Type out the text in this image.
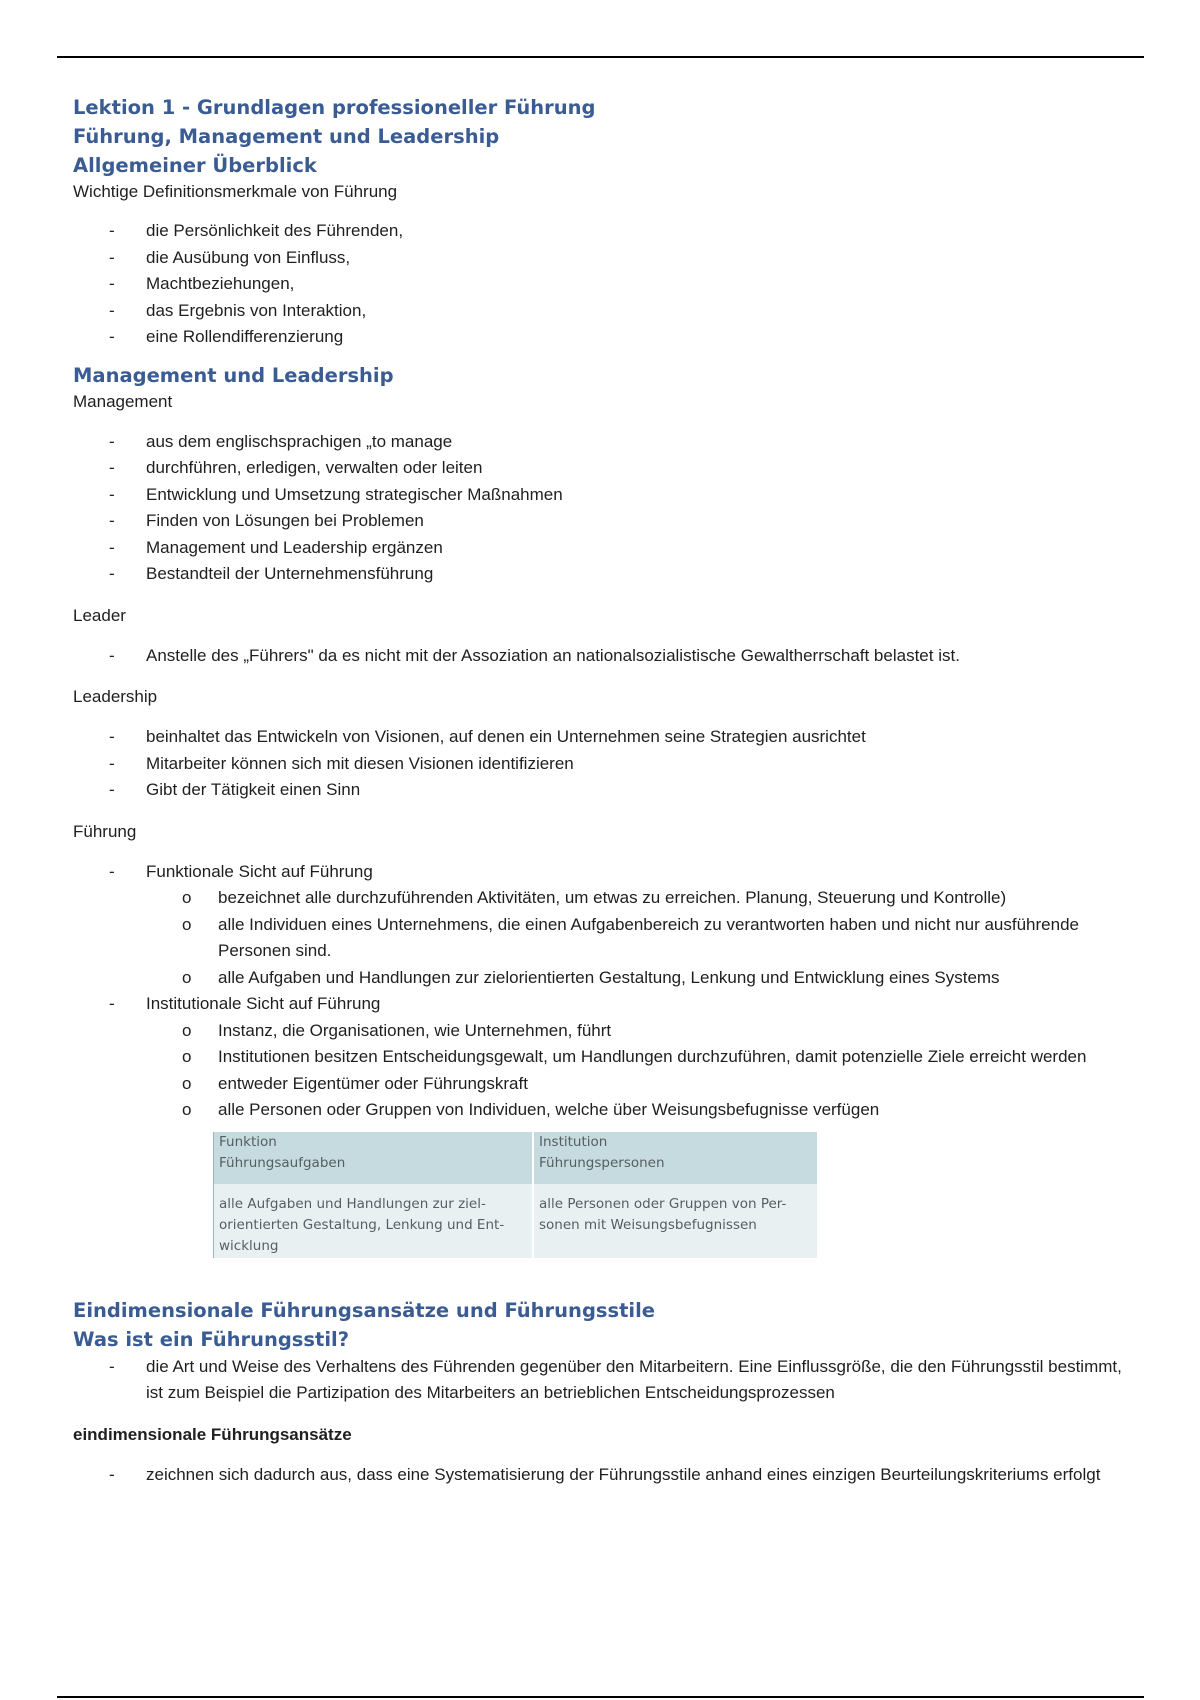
Lektion 1 - Grundlagen professioneller Führung
Führung, Management und Leadership
Allgemeiner Überblick

Wichtige Definitionsmerkmale von Führung

- die Persönlichkeit des Führenden,
- die Ausübung von Einfluss,
- Machtbeziehungen,
- das Ergebnis von Interaktion,
- eine Rollendifferenzierung
Management und Leadership

Management

- aus dem englischsprachigen „to manage
- durchführen, erledigen, verwalten oder leiten
- Entwicklung und Umsetzung strategischer Maßnahmen
- Finden von Lösungen bei Problemen
- Management und Leadership ergänzen
- Bestandteil der Unternehmensführung

Leader

- Anstelle des „Führers" da es nicht mit der Assoziation an nationalsozialistische Gewaltherrschaft belastet ist.

Leadership

- beinhaltet das Entwickeln von Visionen, auf denen ein Unternehmen seine Strategien ausrichtet
- Mitarbeiter können sich mit diesen Visionen identifizieren
- Gibt der Tätigkeit einen Sinn

Führung

- Funktionale Sicht auf Führung
o bezeichnet alle durchzuführenden Aktivitäten, um etwas zu erreichen. Planung, Steuerung und Kontrolle)
o alle Individuen eines Unternehmens, die einen Aufgabenbereich zu verantworten haben und nicht nur ausführende Personen sind.
o alle Aufgaben und Handlungen zur zielorientierten Gestaltung, Lenkung und Entwicklung eines Systems
- Institutionale Sicht auf Führung
o Instanz, die Organisationen, wie Unternehmen, führt
o Institutionen besitzen Entscheidungsgewalt, um Handlungen durchzuführen, damit potenzielle Ziele erreicht werden
o entweder Eigentümer oder Führungskraft
o alle Personen oder Gruppen von Individuen, welche über Weisungsbefugnisse verfügen
Funktion
Führungsaufgaben
Institution
Führungspersonen
alle Aufgaben und Handlungen zur ziel-orientierten Gestaltung, Lenkung und Ent-wicklung
alle Personen oder Gruppen von Per-sonen mit Weisungsbefugnissen
Eindimensionale Führungsansätze und Führungsstile
Was ist ein Führungsstil?
- die Art und Weise des Verhaltens des Führenden gegenüber den Mitarbeitern. Eine Einflussgröße, die den Führungsstil bestimmt, ist zum Beispiel die Partizipation des Mitarbeiters an betrieblichen Entscheidungsprozessen

eindimensionale Führungsansätze

- zeichnen sich dadurch aus, dass eine Systematisierung der Führungsstile anhand eines einzigen Beurteilungskriteriums erfolgt
